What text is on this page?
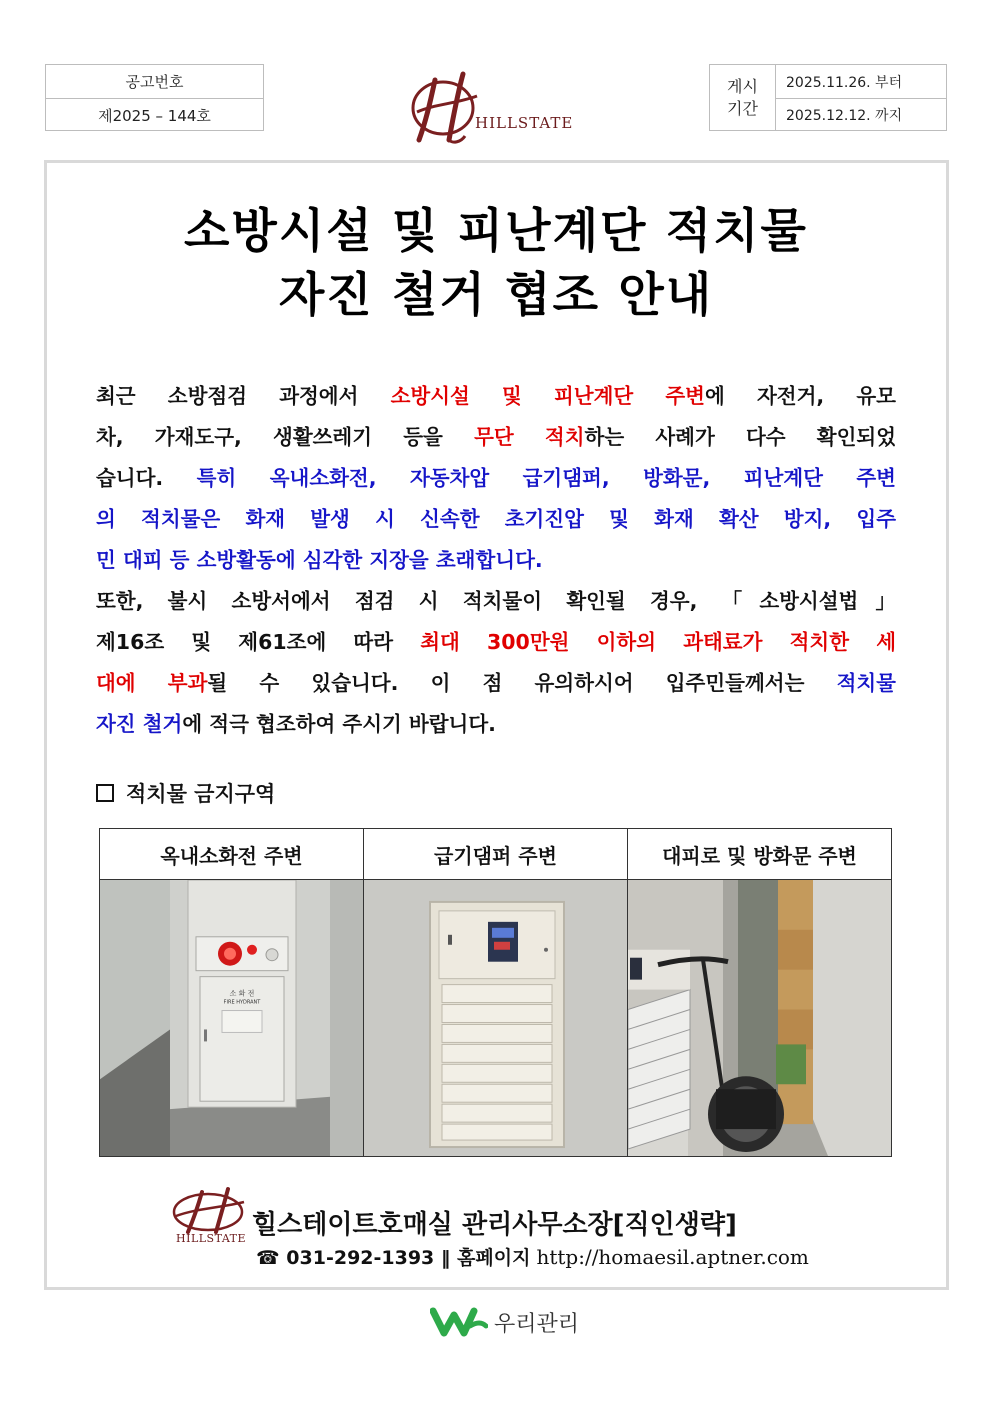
공고번호
제2025 – 144호	HILLSTATE
게시
기간
2025.11.26. 부터
2025.12.12. 까지
소방시설 및 피난계단 적치물
자진 철거 협조 안내
최근 소방점검 과정에서 소방시설 및 피난계단 주변에 자전거, 유모
차, 가재도구, 생활쓰레기 등을 무단 적치하는 사례가 다수 확인되었
습니다. 특히 옥내소화전, 자동차압 급기댐퍼, 방화문, 피난계단 주변
의 적치물은 화재 발생 시 신속한 초기진압 및 화재 확산 방지, 입주
민 대피 등 소방활동에 심각한 지장을 초래합니다.
또한, 불시 소방서에서 점검 시 적치물이 확인될 경우, 「소방시설법」
제16조 및 제61조에 따라 최대 300만원 이하의 과태료가 적치한 세
대에 부과될 수 있습니다. 이 점 유의하시어 입주민들께서는 적치물
자진 철거에 적극 협조하여 주시기 바랍니다.
적치물 금지구역
옥내소화전 주변
소 화 전
FIRE HYDRANT
급기댐퍼 주변	대피로 및 방화문 주변
HILLSTATE 힐스테이트호매실 관리사무소장[직인생략]
☎
031-292-1393
‖
홈페이지 http://homaesil.aptner.com
우리관리
